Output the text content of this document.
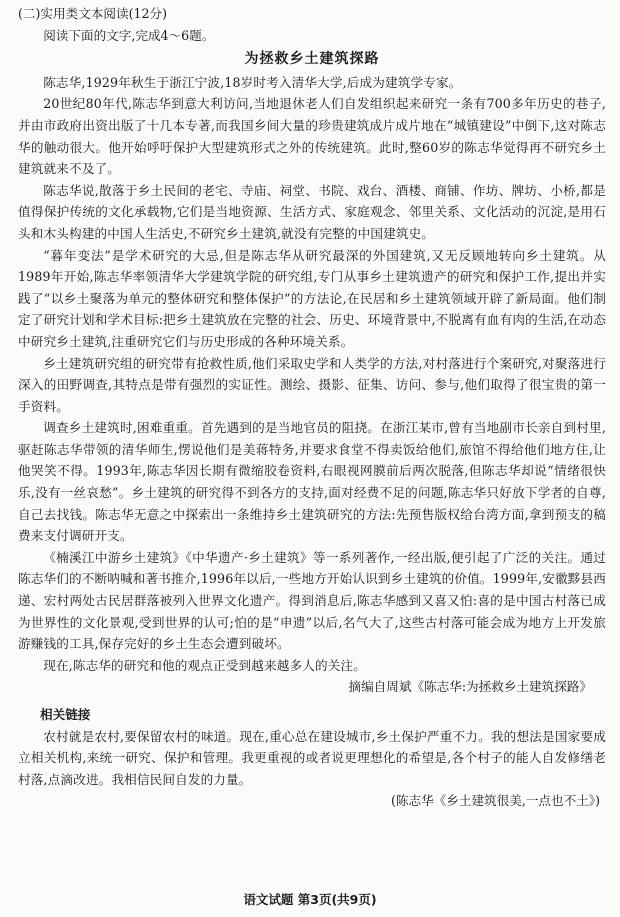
(二)实用类文本阅读(12分)

阅读下面的文字,完成4～6题。

为拯救乡土建筑探路

陈志华,1929年秋生于浙江宁波,18岁时考入清华大学,后成为建筑学专家。

20世纪80年代,陈志华到意大利访问,当地退休老人们自发组织起来研究一条有700多年历史的巷子,并由市政府出资出版了十几本专著,而我国乡间大量的珍贵建筑成片成片地在“城镇建设”中倒下,这对陈志华的触动很大。他开始呼吁保护大型建筑形式之外的传统建筑。此时,整60岁的陈志华觉得再不研究乡土建筑就来不及了。

陈志华说,散落于乡土民间的老宅、寺庙、祠堂、书院、戏台、酒楼、商铺、作坊、牌坊、小桥,都是值得保护传统的文化承载物,它们是当地资源、生活方式、家庭观念、邻里关系、文化活动的沉淀,是用石头和木头构建的中国人生活史,不研究乡土建筑,就没有完整的中国建筑史。

“暮年变法”是学术研究的大忌,但是陈志华从研究最深的外国建筑,又无反顾地转向乡土建筑。从1989年开始,陈志华率领清华大学建筑学院的研究组,专门从事乡土建筑遗产的研究和保护工作,提出并实践了“以乡土聚落为单元的整体研究和整体保护”的方法论,在民居和乡土建筑领域开辟了新局面。他们制定了研究计划和学术目标:把乡土建筑放在完整的社会、历史、环境背景中,不脱离有血有肉的生活,在动态中研究乡土建筑,注重研究它们与历史形成的各种环境关系。

乡土建筑研究组的研究带有抢救性质,他们采取史学和人类学的方法,对村落进行个案研究,对聚落进行深入的田野调查,其特点是带有强烈的实证性。测绘、摄影、征集、访问、参与,他们取得了很宝贵的第一手资料。

调查乡土建筑时,困难重重。首先遇到的是当地官员的阻挠。在浙江某市,曾有当地副市长亲自到村里,驱赶陈志华带领的清华师生,愣说他们是美蒋特务,并要求食堂不得卖饭给他们,旅馆不得给他们地方住,让他哭笑不得。1993年,陈志华因长期有微缩胶卷资料,右眼视网膜前后两次脱落,但陈志华却说“情绪很快乐,没有一丝哀愁”。乡土建筑的研究得不到各方的支持,面对经费不足的问题,陈志华只好放下学者的自尊,自己去找钱。陈志华无意之中探索出一条维持乡土建筑研究的方法:先预售版权给台湾方面,拿到预支的稿费来支付调研开支。

《楠溪江中游乡土建筑》《中华遗产·乡土建筑》等一系列著作,一经出版,便引起了广泛的关注。通过陈志华们的不断呐喊和著书推介,1996年以后,一些地方开始认识到乡土建筑的价值。1999年,安徽黟县西递、宏村两处古民居群落被列入世界文化遗产。得到消息后,陈志华感到又喜又怕:喜的是中国古村落已成为世界性的文化景观,受到世界的认可;怕的是“申遗”以后,名气大了,这些古村落可能会成为地方上开发旅游赚钱的工具,保存完好的乡土生态会遭到破坏。

现在,陈志华的研究和他的观点正受到越来越多人的关注。

摘编自周斌《陈志华:为拯救乡土建筑探路》

相关链接

农村就是农村,要保留农村的味道。现在,重心总在建设城市,乡土保护严重不力。我的想法是国家要成立相关机构,来统一研究、保护和管理。我更重视的或者说更理想化的希望是,各个村子的能人自发修缮老村落,点滴改进。我相信民间自发的力量。

(陈志华《乡土建筑很美,一点也不土》)

语文试题 第3页(共9页)
